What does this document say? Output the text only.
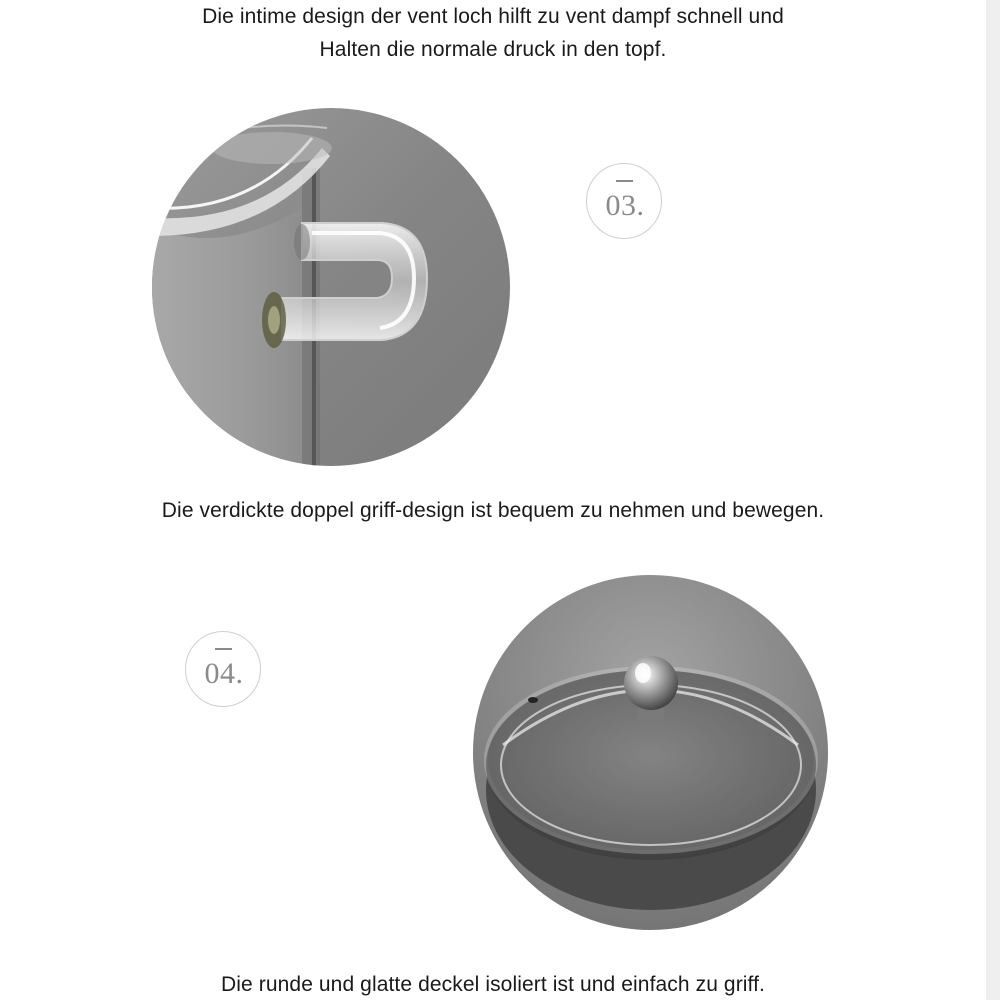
Die intime design der vent loch hilft zu vent dampf schnell und
Halten die normale druck in den topf.
03.
Die verdickte doppel griff-design ist bequem zu nehmen und bewegen.
04.
Die runde und glatte deckel isoliert ist und einfach zu griff.
